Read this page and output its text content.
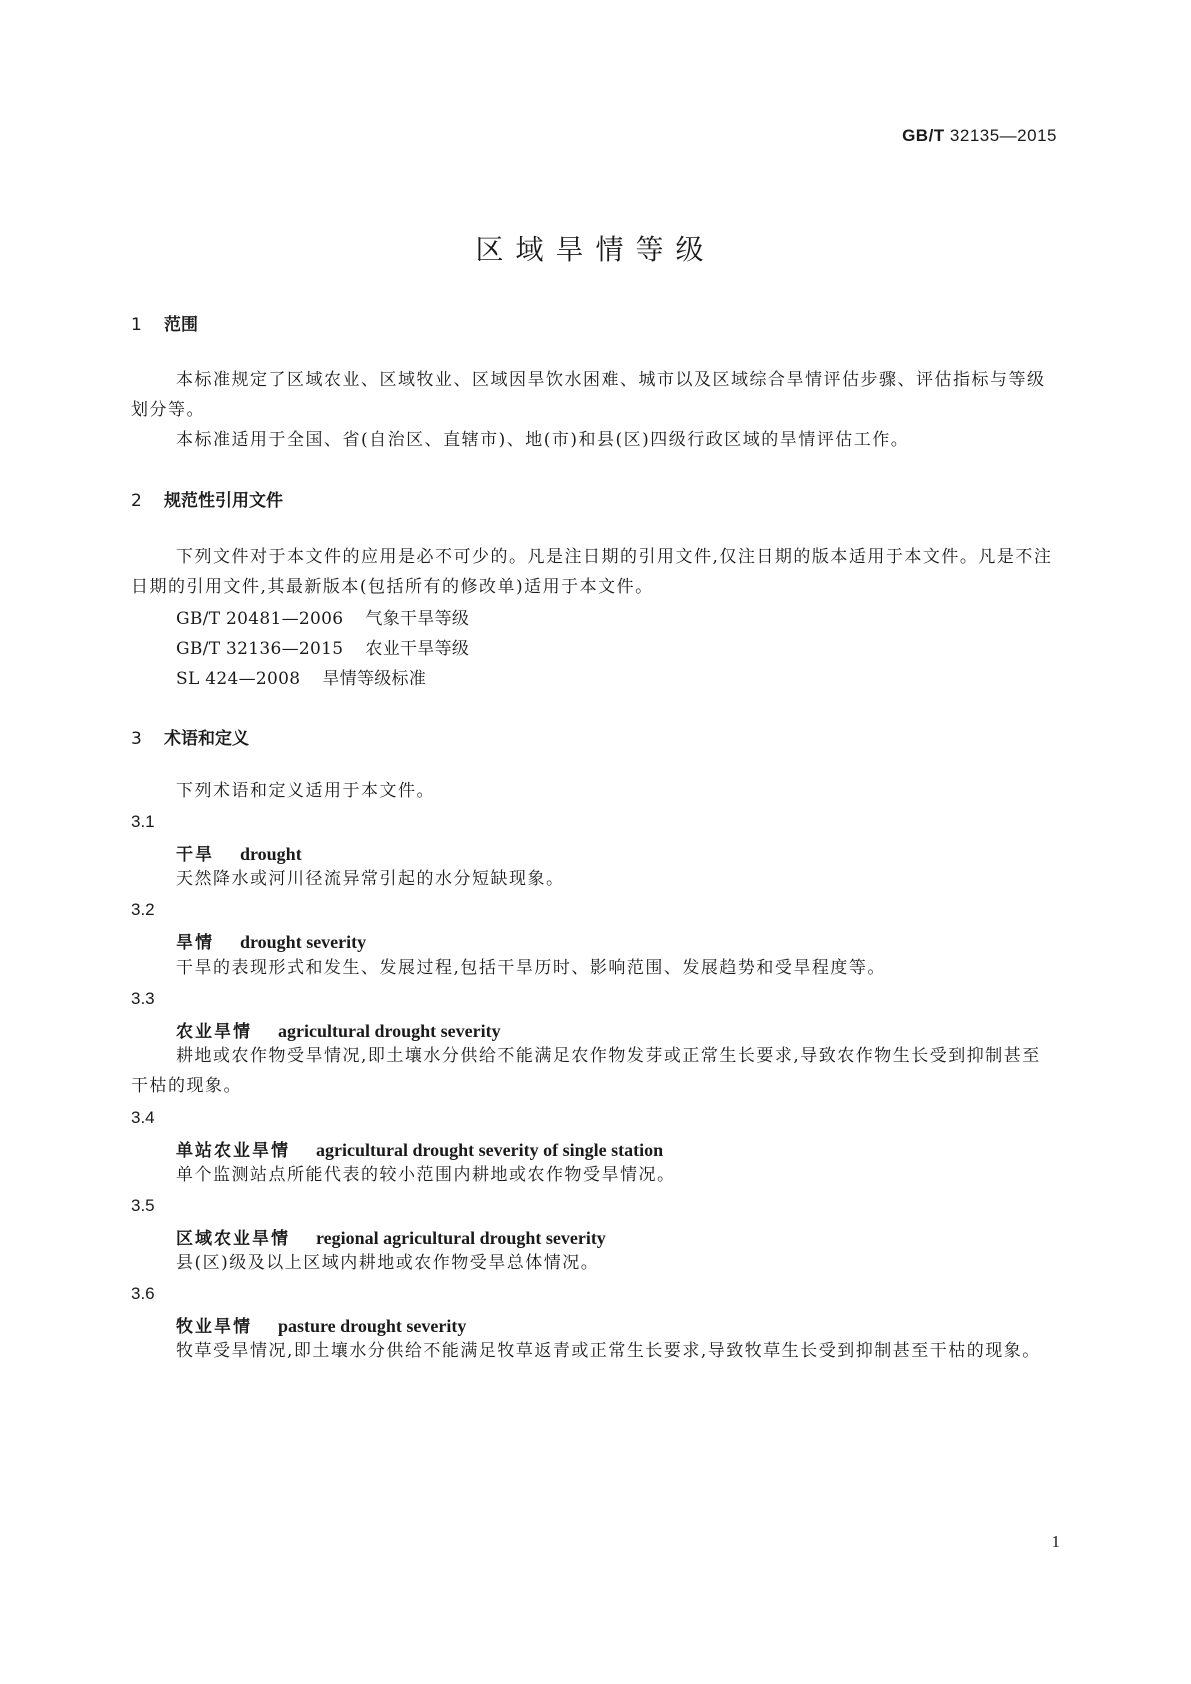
GB/T 32135—2015
区域旱情等级
1 范围
本标准规定了区域农业、区域牧业、区域因旱饮水困难、城市以及区域综合旱情评估步骤、评估指标与等级划分等。
本标准适用于全国、省(自治区、直辖市)、地(市)和县(区)四级行政区域的旱情评估工作。
2 规范性引用文件
下列文件对于本文件的应用是必不可少的。凡是注日期的引用文件,仅注日期的版本适用于本文件。凡是不注日期的引用文件,其最新版本(包括所有的修改单)适用于本文件。
GB/T 20481—2006 气象干旱等级
GB/T 32136—2015 农业干旱等级
SL 424—2008 旱情等级标准
3 术语和定义
下列术语和定义适用于本文件。
3.1
干旱 drought
天然降水或河川径流异常引起的水分短缺现象。
3.2
旱情 drought severity
干旱的表现形式和发生、发展过程,包括干旱历时、影响范围、发展趋势和受旱程度等。
3.3
农业旱情 agricultural drought severity
耕地或农作物受旱情况,即土壤水分供给不能满足农作物发芽或正常生长要求,导致农作物生长受到抑制甚至干枯的现象。
3.4
单站农业旱情 agricultural drought severity of single station
单个监测站点所能代表的较小范围内耕地或农作物受旱情况。
3.5
区域农业旱情 regional agricultural drought severity
县(区)级及以上区域内耕地或农作物受旱总体情况。
3.6
牧业旱情 pasture drought severity
牧草受旱情况,即土壤水分供给不能满足牧草返青或正常生长要求,导致牧草生长受到抑制甚至干枯的现象。
1
